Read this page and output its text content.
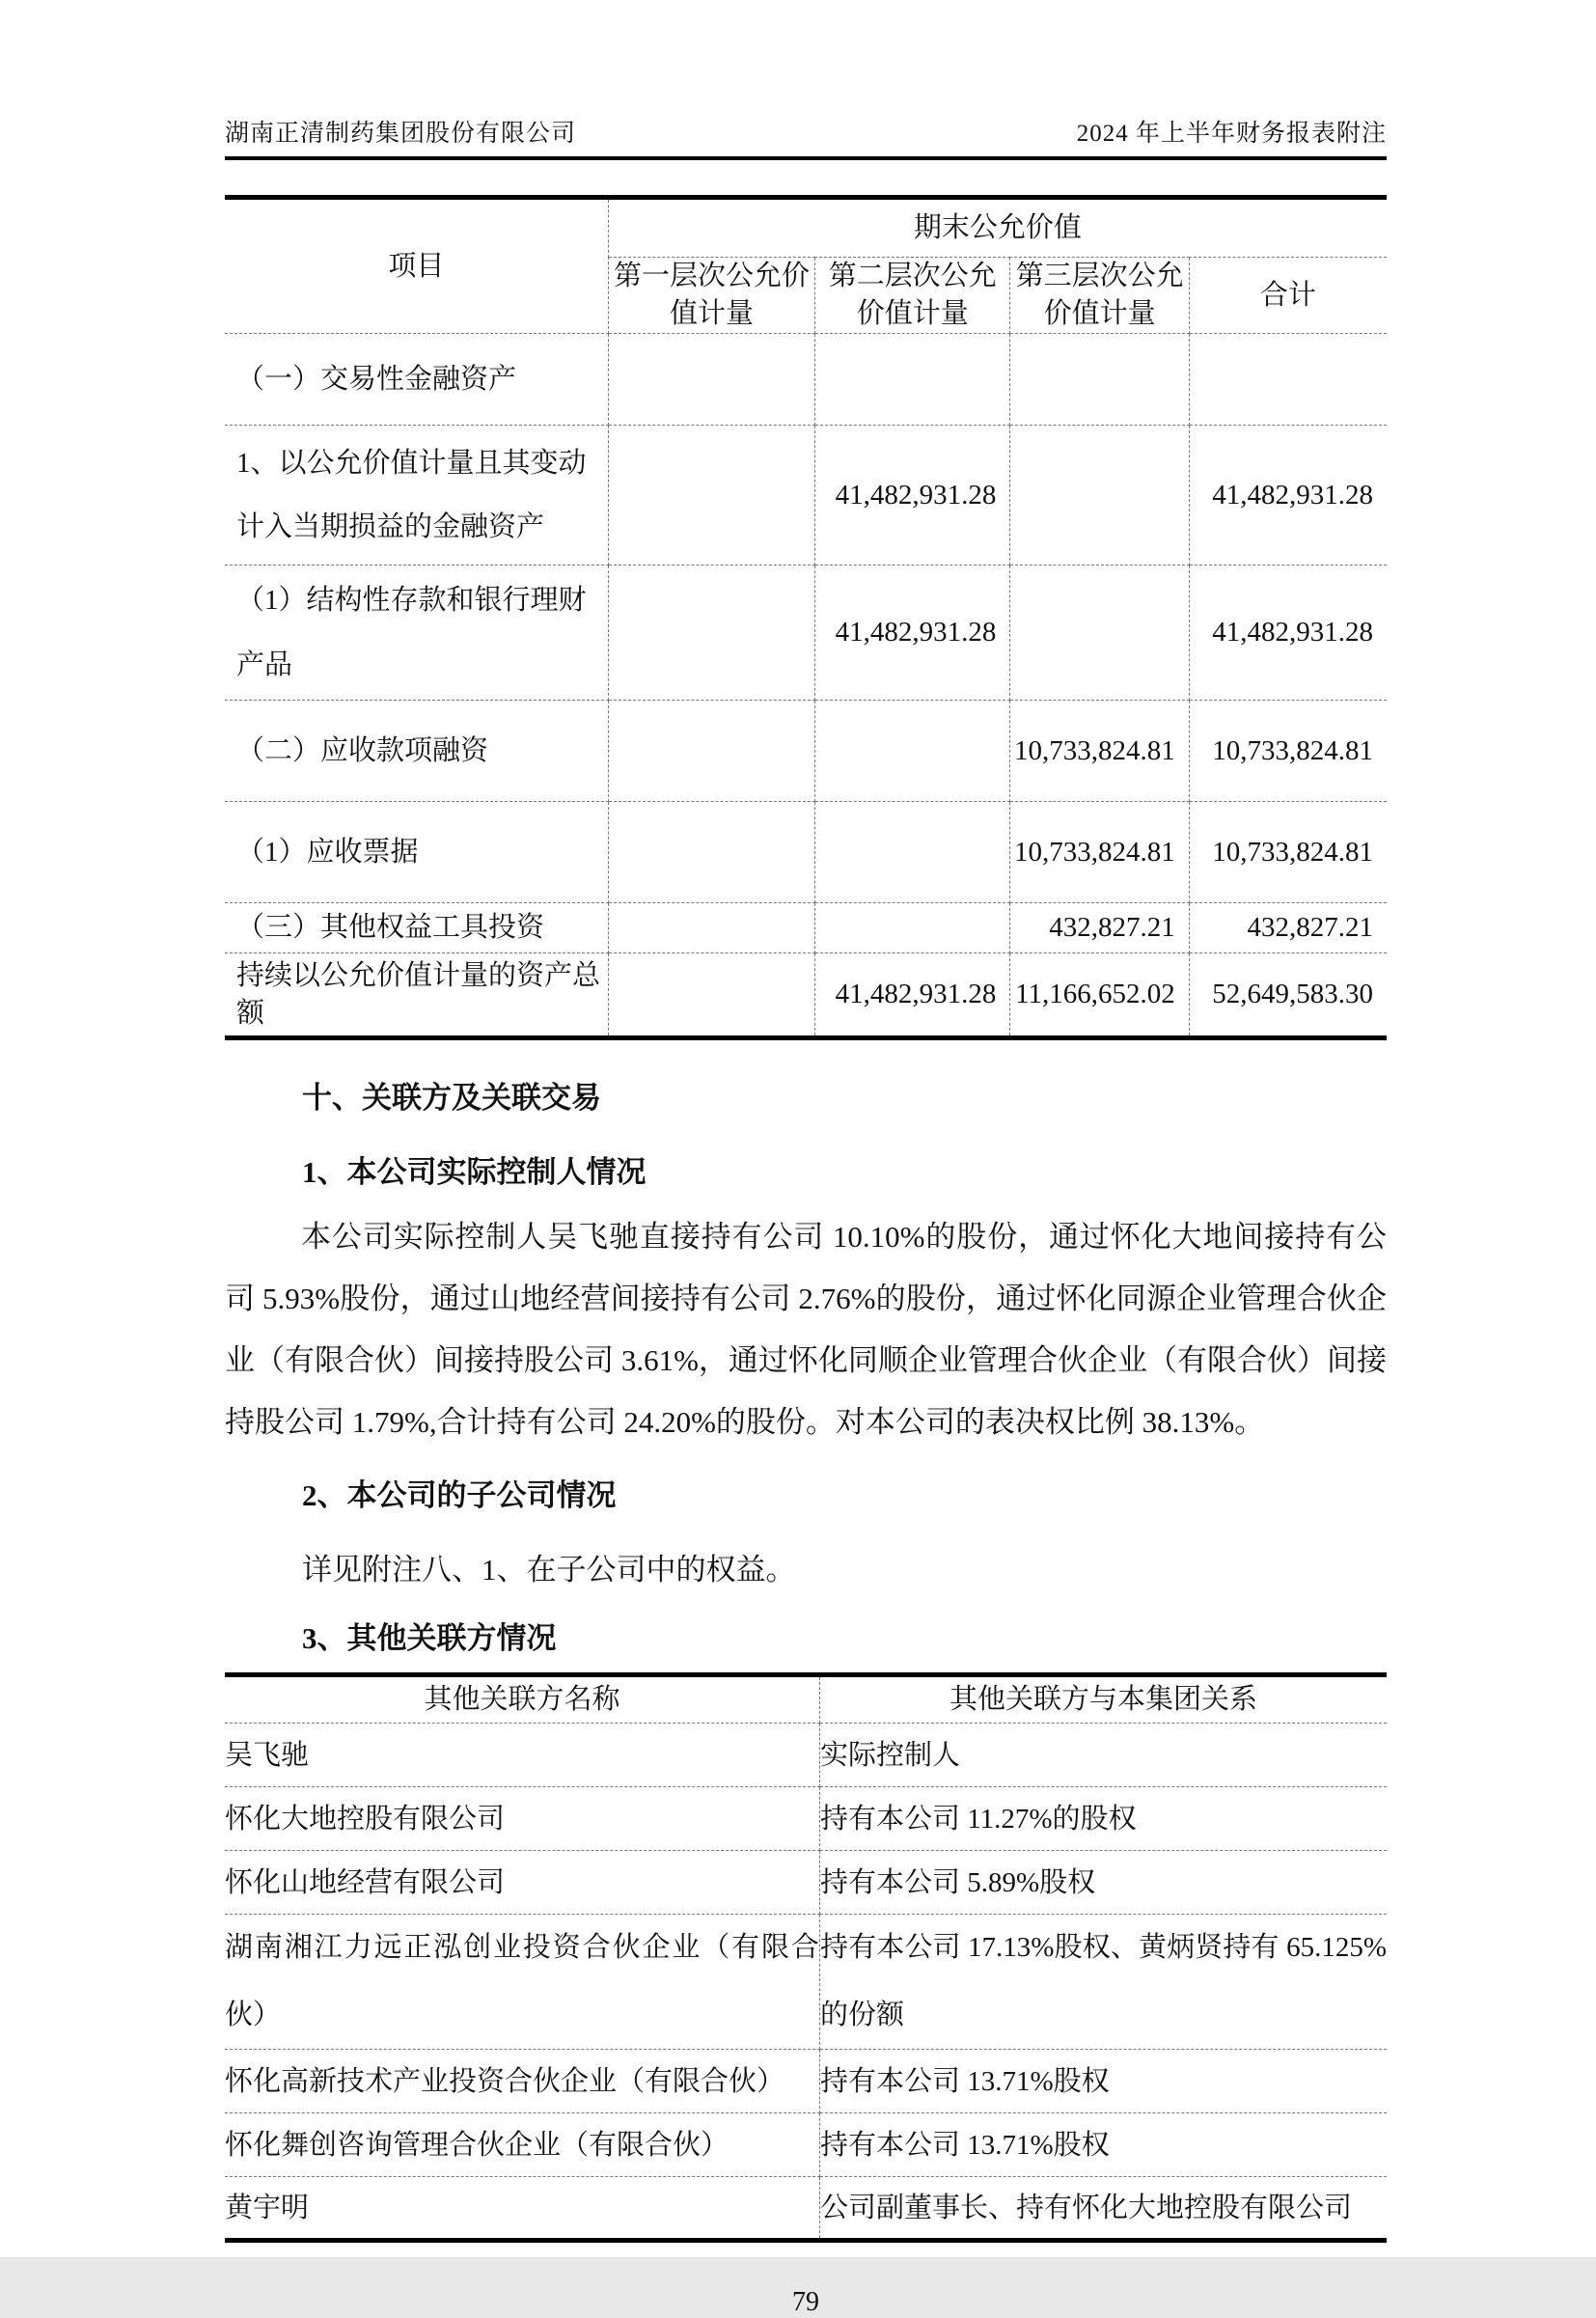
湖南正清制药集团股份有限公司	2024 年上半年财务报表附注
项目	期末公允价值			
	第一层次公允价值计量	第二层次公允价值计量	第三层次公允价值计量	合计
（一）交易性金融资产				
1、以公允价值计量且其变动计入当期损益的金融资产		41,482,931.28		41,482,931.28
（1）结构性存款和银行理财产品		41,482,931.28		41,482,931.28
（二）应收款项融资			10,733,824.81	10,733,824.81
（1）应收票据			10,733,824.81	10,733,824.81
（三）其他权益工具投资			432,827.21	432,827.21
持续以公允价值计量的资产总额		41,482,931.28	11,166,652.02	52,649,583.30
十、关联方及关联交易
1、本公司实际控制人情况
本公司实际控制人吴飞驰直接持有公司 10.10%的股份，通过怀化大地间接持有公司 5.93%股份，通过山地经营间接持有公司 2.76%的股份，通过怀化同源企业管理合伙企业（有限合伙）间接持股公司 3.61%，通过怀化同顺企业管理合伙企业（有限合伙）间接持股公司 1.79%,合计持有公司 24.20%的股份。对本公司的表决权比例 38.13%。
2、本公司的子公司情况
详见附注八、1、在子公司中的权益。
3、其他关联方情况
其他关联方名称	其他关联方与本集团关系
吴飞驰	实际控制人
怀化大地控股有限公司	持有本公司 11.27%的股权
怀化山地经营有限公司	持有本公司 5.89%股权
湖南湘江力远正泓创业投资合伙企业（有限合伙）	持有本公司 17.13%股权、黄炳贤持有 65.125%的份额
怀化高新技术产业投资合伙企业（有限合伙）	持有本公司 13.71%股权
怀化舞创咨询管理合伙企业（有限合伙）	持有本公司 13.71%股权
黄宇明	公司副董事长、持有怀化大地控股有限公司
79
